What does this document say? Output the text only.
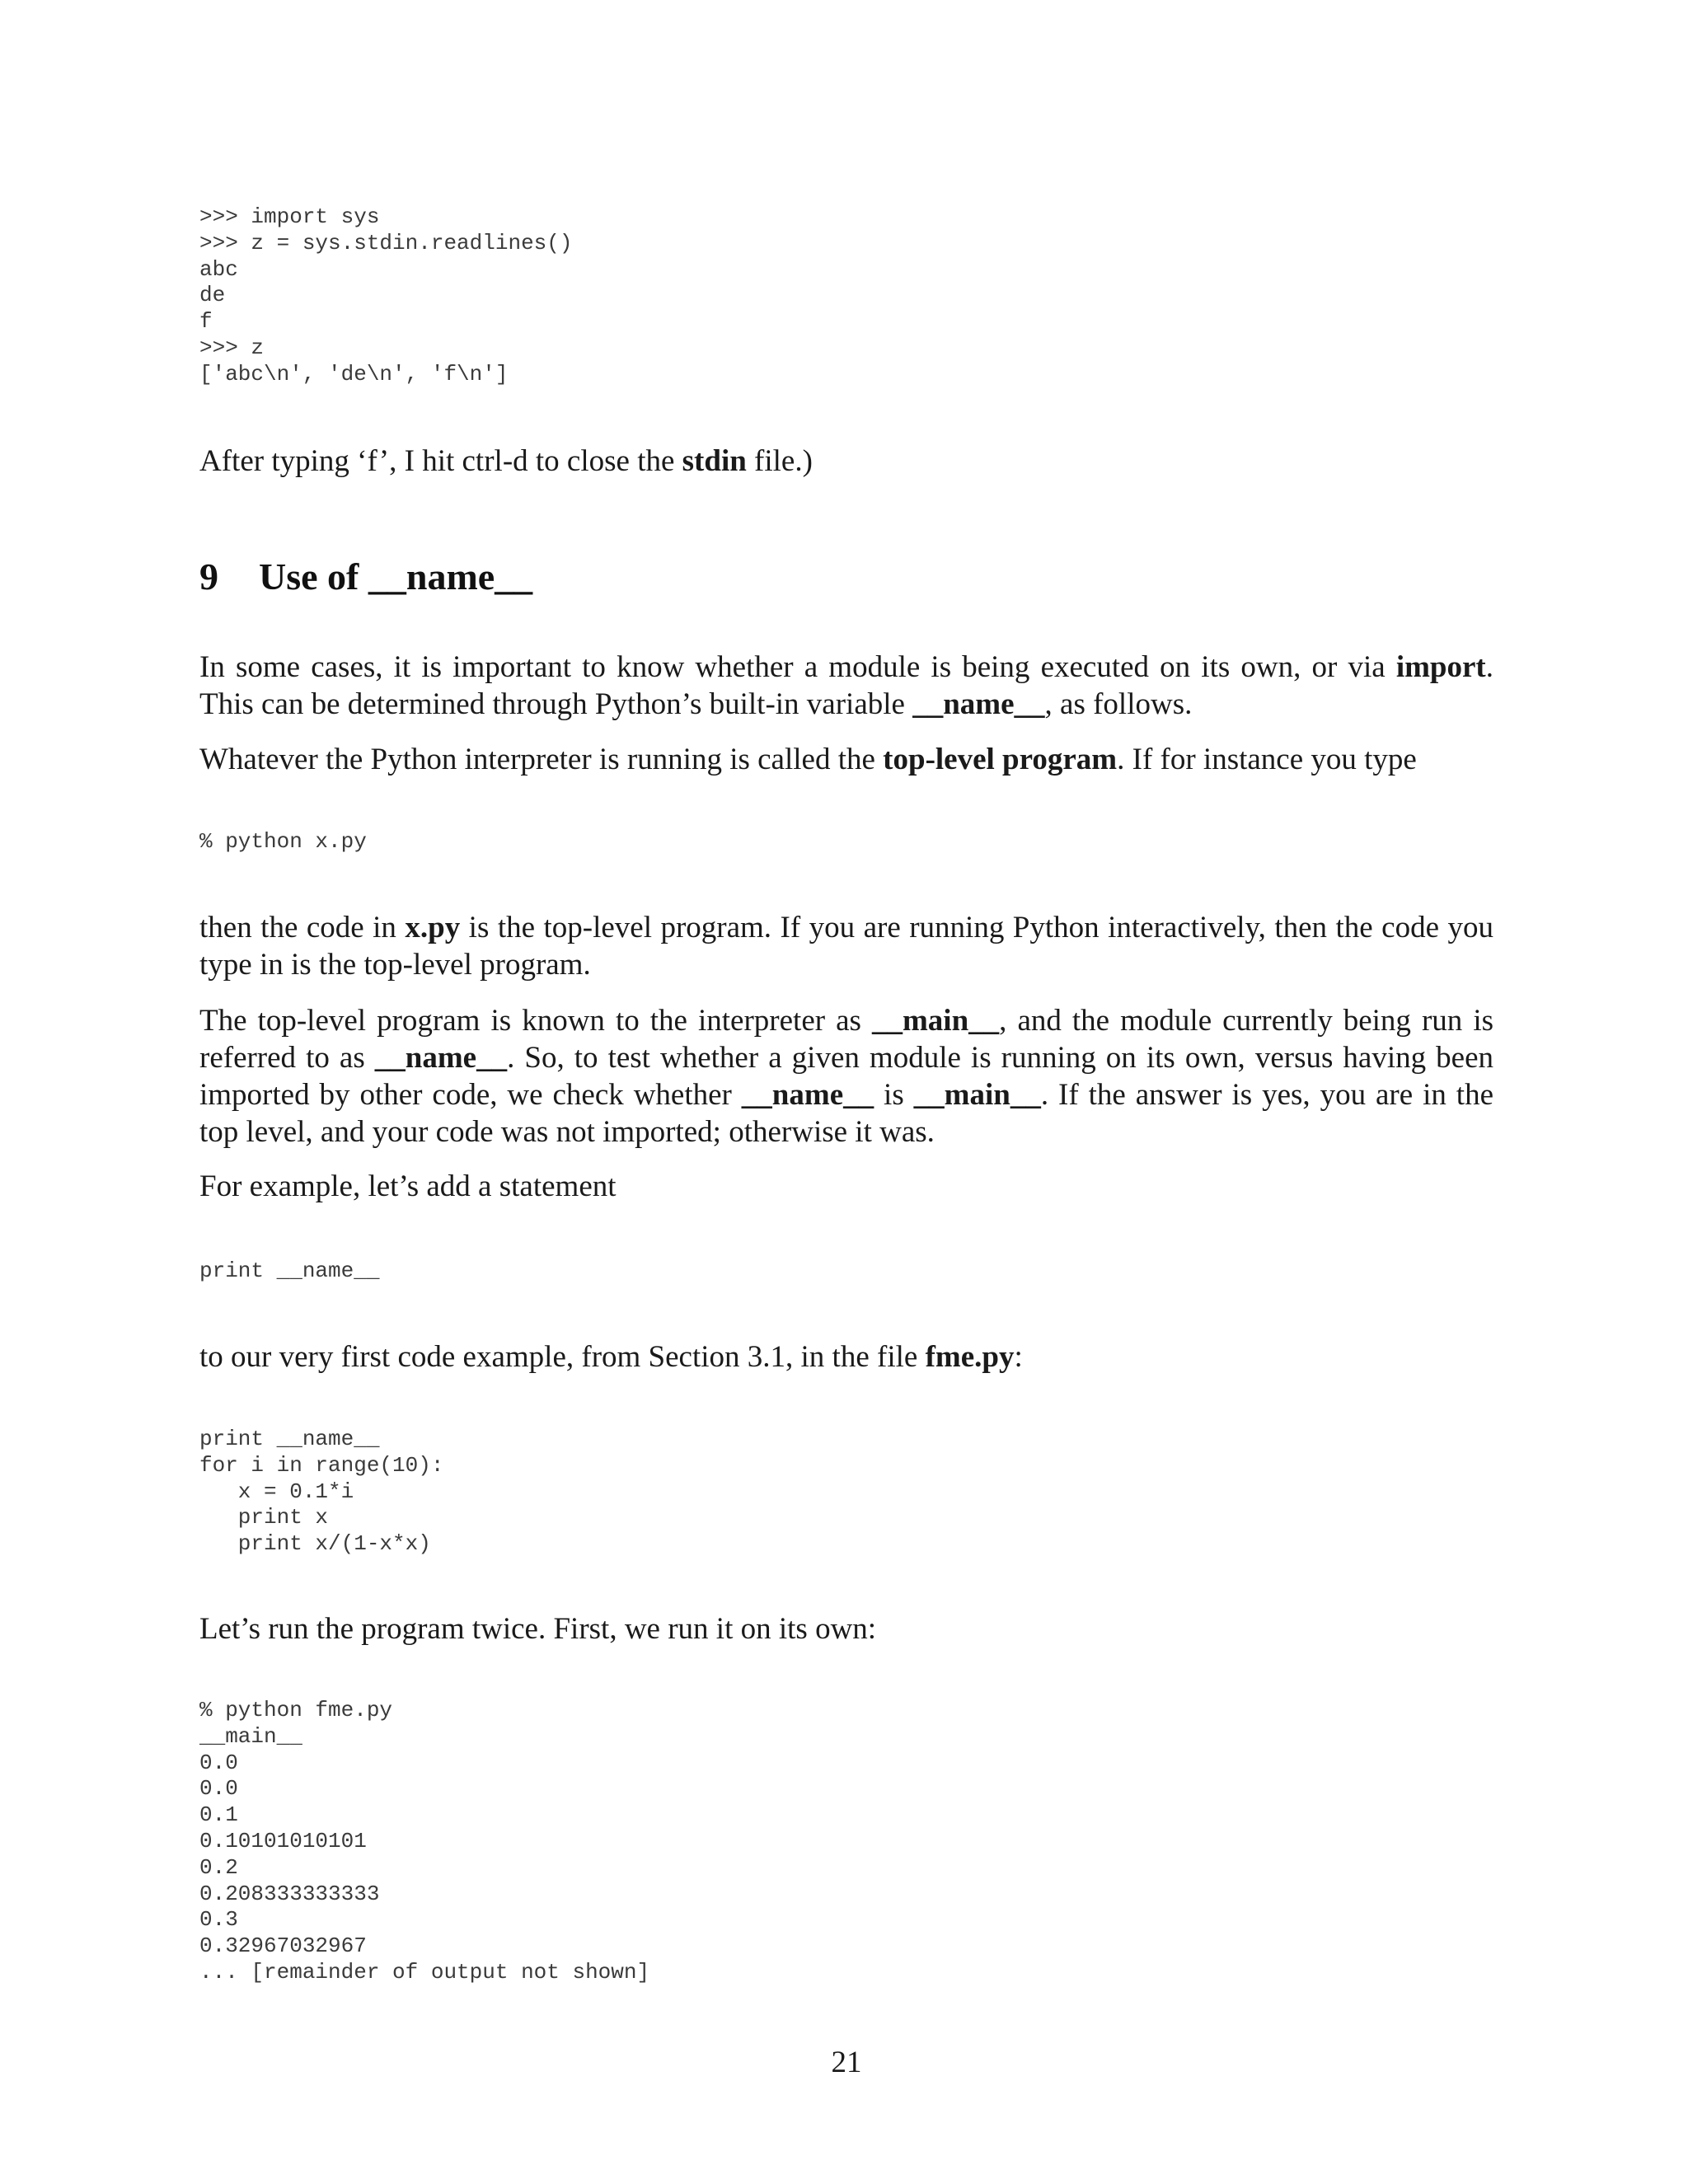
>>> import sys
>>> z = sys.stdin.readlines()
abc
de
f
>>> z
['abc\n', 'de\n', 'f\n']

After typing ‘f’, I hit ctrl-d to close the stdin file.)

9 Use of __name__

In some cases, it is important to know whether a module is being executed on its own, or via import. This can be determined through Python’s built-in variable __name__, as follows.

Whatever the Python interpreter is running is called the top-level program. If for instance you type

% python x.py

then the code in x.py is the top-level program. If you are running Python interactively, then the code you type in is the top-level program.

The top-level program is known to the interpreter as __main__, and the module currently being run is referred to as __name__. So, to test whether a given module is running on its own, versus having been imported by other code, we check whether __name__ is __main__. If the answer is yes, you are in the top level, and your code was not imported; otherwise it was.

For example, let’s add a statement

print __name__

to our very first code example, from Section 3.1, in the file fme.py:

print __name__
for i in range(10):
x = 0.1*i
print x
print x/(1-x*x)

Let’s run the program twice. First, we run it on its own:

% python fme.py
__main__
0.0
0.0
0.1
0.10101010101
0.2
0.208333333333
0.3
0.32967032967
... [remainder of output not shown]
21
